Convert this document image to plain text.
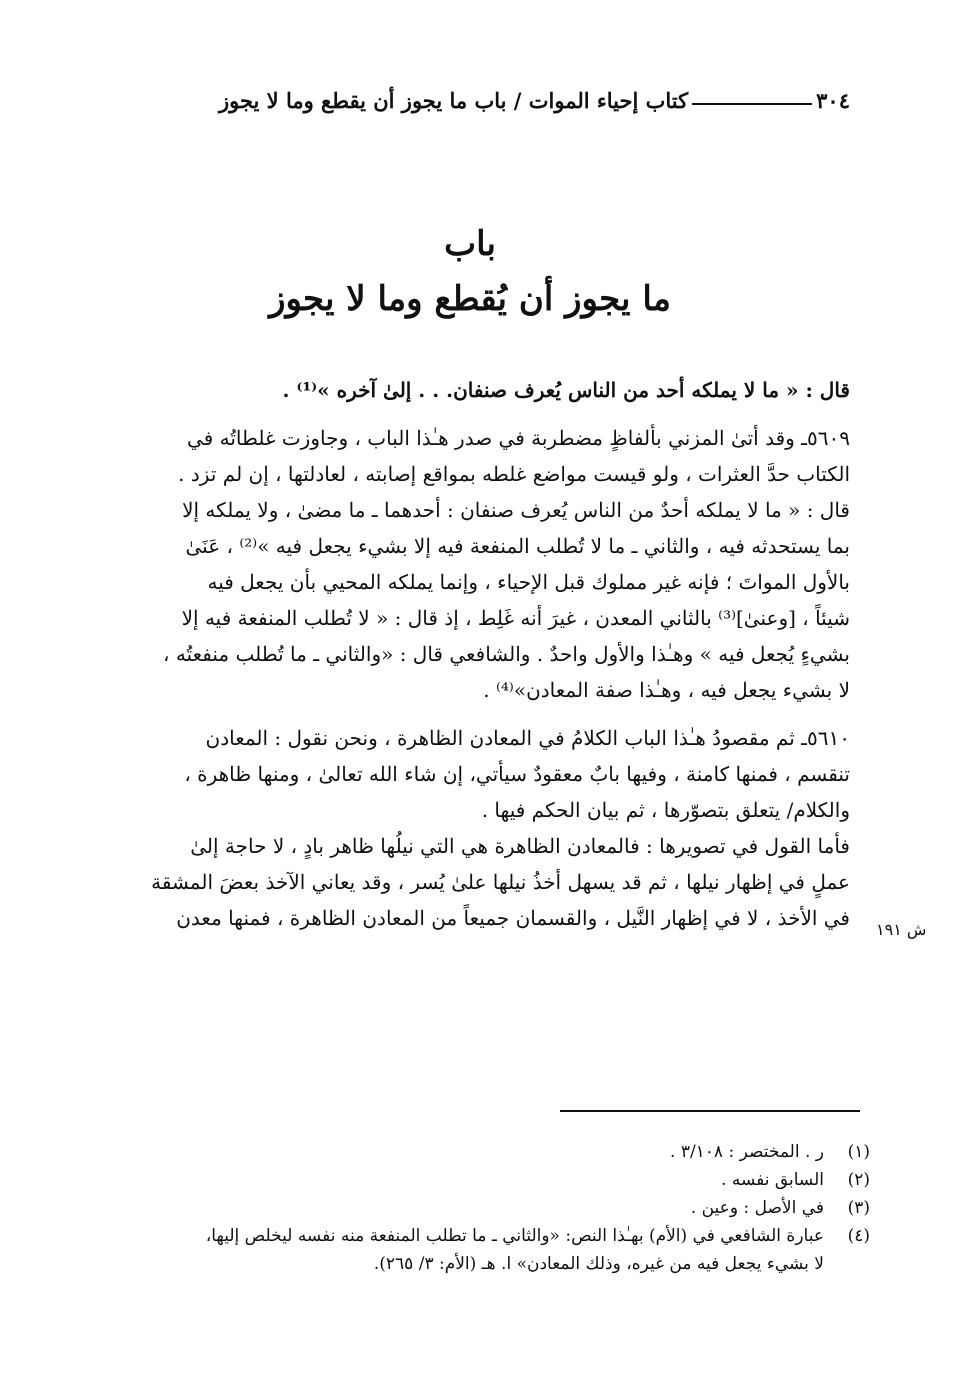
٣٠٤
كتاب إحياء الموات / باب ما يجوز أن يقطع وما لا يجوز
باب
ما يجوز أن يُقطع وما لا يجوز
قال : « ما لا يملكه أحد من الناس يُعرف صنفان. . . إلىٰ آخره »⁽¹⁾ .
٥٦٠٩ـ وقد أتىٰ المزني بألفاظٍ مضطربة في صدر هـٰذا الباب ، وجاوزت غلطاتُه في
الكتاب حدَّ العثرات ، ولو قيست مواضع غلطه بمواقع إصابته ، لعادلتها ، إن لم تزد .
قال : « ما لا يملكه أحدٌ من الناس يُعرف صنفان : أحدهما ـ ما مضىٰ ، ولا يملكه إلا
بما يستحدثه فيه ، والثاني ـ ما لا تُطلب المنفعة فيه إلا بشيء يجعل فيه »⁽²⁾ ، عَنَىٰ
بالأول المواتَ ؛ فإنه غير مملوك قبل الإحياء ، وإنما يملكه المحيي بأن يجعل فيه
شيئاً ، [وعنىٰ]⁽³⁾ بالثاني المعدن ، غيرَ أنه غَلِط ، إذ قال : « لا تُطلب المنفعة فيه إلا
بشيءٍ يُجعل فيه » وهـٰذا والأول واحدٌ . والشافعي قال : «والثاني ـ ما تُطلب منفعتُه ،
لا بشيء يجعل فيه ، وهـٰذا صفة المعادن»⁽⁴⁾ .
٥٦١٠ـ ثم مقصودُ هـٰذا الباب الكلامُ في المعادن الظاهرة ، ونحن نقول : المعادن
تنقسم ، فمنها كامنة ، وفيها بابٌ معقودٌ سيأتي، إن شاء الله تعالىٰ ، ومنها ظاهرة ،
والكلام/ يتعلق بتصوّرها ، ثم بيان الحكم فيها .
فأما القول في تصويرها : فالمعادن الظاهرة هي التي نيلُها ظاهر بادٍ ، لا حاجة إلىٰ
عملٍ في إظهار نيلها ، ثم قد يسهل أخذُ نيلها علىٰ يُسر ، وقد يعاني الآخذ بعضَ المشقة
في الأخذ ، لا في إظهار النَّيل ، والقسمان جميعاً من المعادن الظاهرة ، فمنها معدن ش ١٩١
(١)
ر . المختصر : ٣/١٠٨ .
(٢)
السابق نفسه .
(٣)
في الأصل : وعين .
(٤)
عبارة الشافعي في (الأم) بهـٰذا النص: «والثاني ـ ما تطلب المنفعة منه نفسه ليخلص إليها،
لا بشيء يجعل فيه من غيره، وذلك المعادن» ا. هـ (الأم: ٣/ ٢٦٥).
